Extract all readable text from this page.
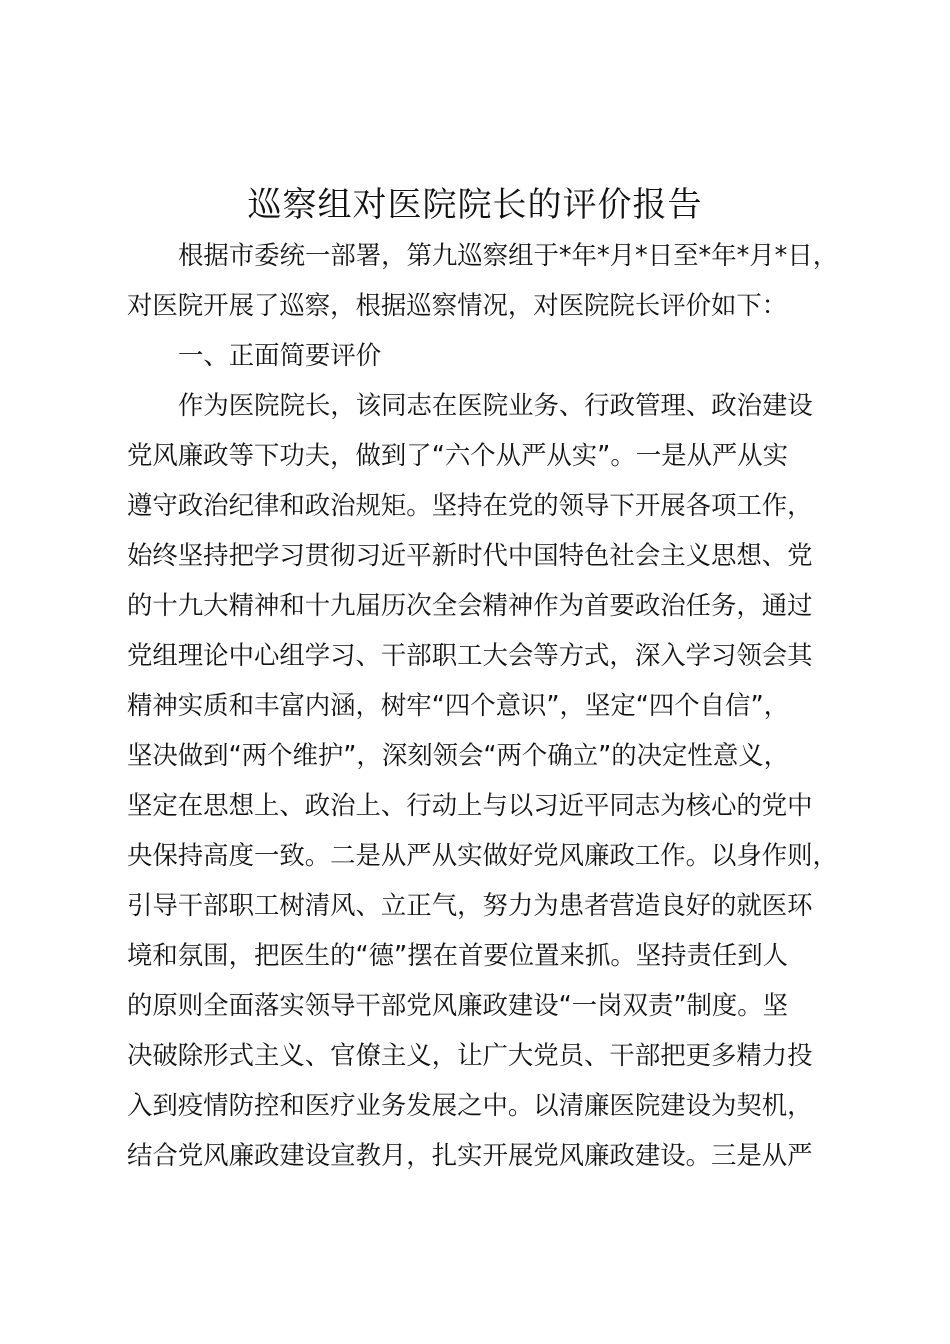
巡察组对医院院长的评价报告

根据市委统一部署，第九巡察组于*年*月*日至*年*月*日，

对医院开展了巡察，根据巡察情况，对医院院长评价如下：

一、正面简要评价

作为医院院长，该同志在医院业务、行政管理、政治建设

党风廉政等下功夫，做到了“六个从严从实”。一是从严从实

遵守政治纪律和政治规矩。坚持在党的领导下开展各项工作，

始终坚持把学习贯彻习近平新时代中国特色社会主义思想、党

的十九大精神和十九届历次全会精神作为首要政治任务，通过

党组理论中心组学习、干部职工大会等方式，深入学习领会其

精神实质和丰富内涵，树牢“四个意识”，坚定“四个自信”，

坚决做到“两个维护”，深刻领会“两个确立”的决定性意义，

坚定在思想上、政治上、行动上与以习近平同志为核心的党中

央保持高度一致。二是从严从实做好党风廉政工作。以身作则，

引导干部职工树清风、立正气，努力为患者营造良好的就医环

境和氛围，把医生的“德”摆在首要位置来抓。坚持责任到人

的原则全面落实领导干部党风廉政建设“一岗双责”制度。坚

决破除形式主义、官僚主义，让广大党员、干部把更多精力投

入到疫情防控和医疗业务发展之中。以清廉医院建设为契机，

结合党风廉政建设宣教月，扎实开展党风廉政建设。三是从严
